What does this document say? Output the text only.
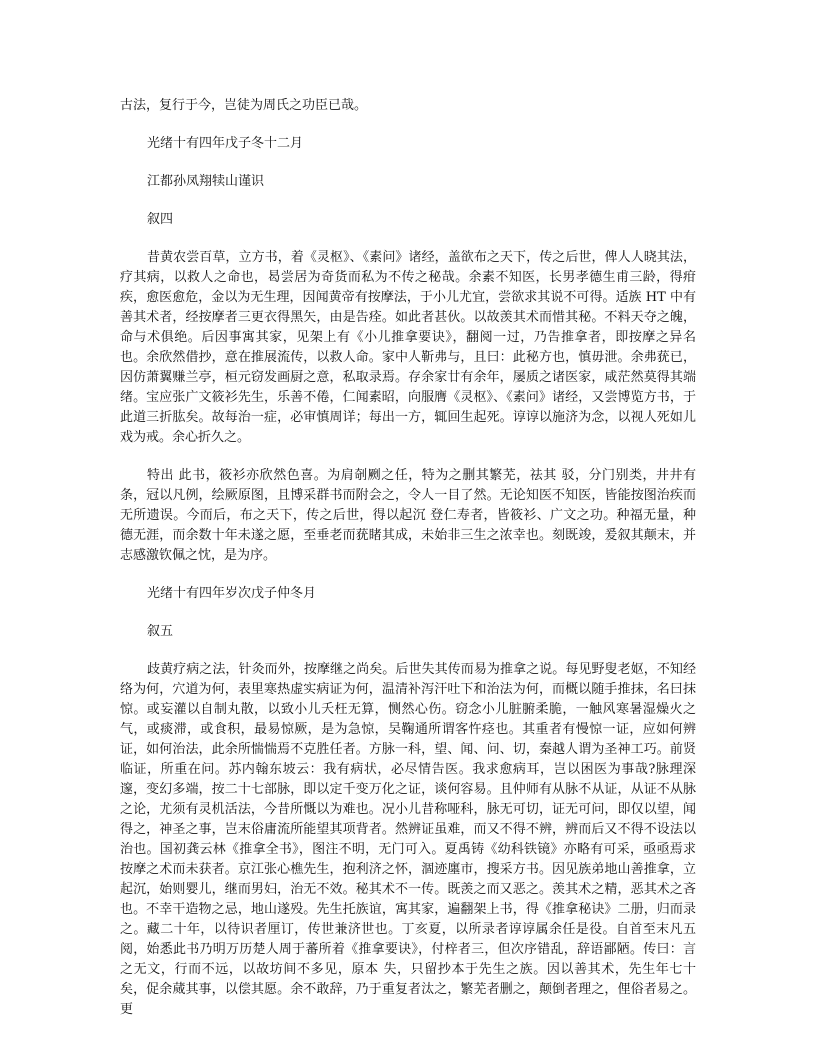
古法，复行于今，岂徒为周氏之功臣已哉。

光绪十有四年戊子冬十二月

江都孙凤翔犊山谨识

叙四

昔黄农尝百草，立方书，着《灵枢》、《素问》诸经，盖欲布之天下，传之后世，俾人人晓其法，疗其病，以救人之命也，曷尝居为奇货而私为不传之秘哉。余素不知医，长男孝德生甫三龄，得疳疾，愈医愈危，金以为无生理，因闻黄帝有按摩法，于小儿尤宜，尝欲求其说不可得。适族 HT 中有善其术者，经按摩者三更衣得黑矢，由是告痊。如此者甚伙。以故羡其术而惜其秘。不料天夺之魄，命与术俱绝。后因事寓其家，见架上有《小儿推拿要诀》，翻阅一过，乃告推拿者，即按摩之异名也。余欣然借抄，意在推展流传，以救人命。家中人靳弗与，且曰：此秘方也，慎毋泄。余弗莸已，因仿萧翼赚兰亭，桓元窃发画厨之意，私取录焉。存余家廿有余年，屡质之诸医家，咸茫然莫得其端绪。宝应张广文筱衫先生，乐善不倦，仁闻素昭，向服膺《灵枢》、《素问》诸经，又尝博览方书，于此道三折肱矣。故每治一症，必审慎周详；每出一方，辄回生起死。谆谆以施济为念，以视人死如儿戏为戒。余心折久之。

特出 此书，筱衫亦欣然色喜。为肩剞劂之任，特为之删其繁芜，祛其 驳，分门别类，井井有条，冠以凡例，绘厥原图，且博采群书而附会之，令人一目了然。无论知医不知医，皆能按图治疾而无所遗误。今而后，布之天下，传之后世，得以起沉 登仁寿者，皆筱衫、广文之功。种福无量，种德无涯，而余数十年未遂之愿，至垂老而莸睹其成，未始非三生之浓幸也。刻既竣，爰叙其颠末，并志感激钦佩之忱，是为序。

光绪十有四年岁次戊子仲冬月

叙五

歧黄疗病之法，针灸而外，按摩继之尚矣。后世失其传而易为推拿之说。每见野叟老妪，不知经络为何，穴道为何，表里寒热虚实病证为何，温清补泻汗吐下和治法为何，而概以随手推抹，名曰抹惊。或妄灌以自制丸散，以致小儿夭枉无算，恻然心伤。窃念小儿脏腑柔脆，一触风寒暑湿燥火之气，或痰滞，或食积，最易惊厥，是为急惊，吴鞠通所谓客忤痉也。其重者有慢惊一证，应如何辨证，如何治法，此余所惴惴焉不克胜任者。方脉一科，望、闻、问、切，秦越人谓为圣神工巧。前贤临证，所重在问。苏内翰东坡云：我有病状，必尽情告医。我求愈病耳，岂以困医为事哉?脉理深邃，变幻多端，按二十七部脉，即以定千变万化之证，谈何容易。且仲师有从脉不从证，从证不从脉之论，尤须有灵机活法，今昔所慨以为难也。况小儿昔称哑科，脉无可切，证无可问，即仅以望，闻得之，神圣之事，岂末俗庸流所能望其项背者。然辨证虽难，而又不得不辨，辨而后又不得不设法以治也。国初龚云林《推拿全书》，图注不明，无门可入。夏禹铸《幼科铁镜》亦略有可采，亟亟焉求按摩之术而未获者。京江张心樵先生，抱利济之怀，涸迹廛市，搜采方书。因见族弟地山善推拿，立起沉，始则婴儿，继而男妇，治无不效。秘其术不一传。既羡之而又恶之。羡其术之精，恶其术之吝也。不幸干造物之忌，地山遂殁。先生托族谊，寓其家，遍翻架上书，得《推拿秘诀》二册，归而录之。藏二十年，以待识者厘订，传世兼济世也。丁亥夏，以所录者谆谆属余任是役。自首至末凡五阅，始悉此书乃明万历楚人周于蕃所着《推拿要诀》，付梓者三，但次序错乱，辞语鄙陋。传曰：言之无文，行而不远，以故坊间不多见，原本 失，只留抄本于先生之族。因以善其术，先生年七十矣，促余蒇其事，以偿其愿。余不敢辞，乃于重复者汰之，繁芜者删之，颠倒者理之，俚俗者易之。更
